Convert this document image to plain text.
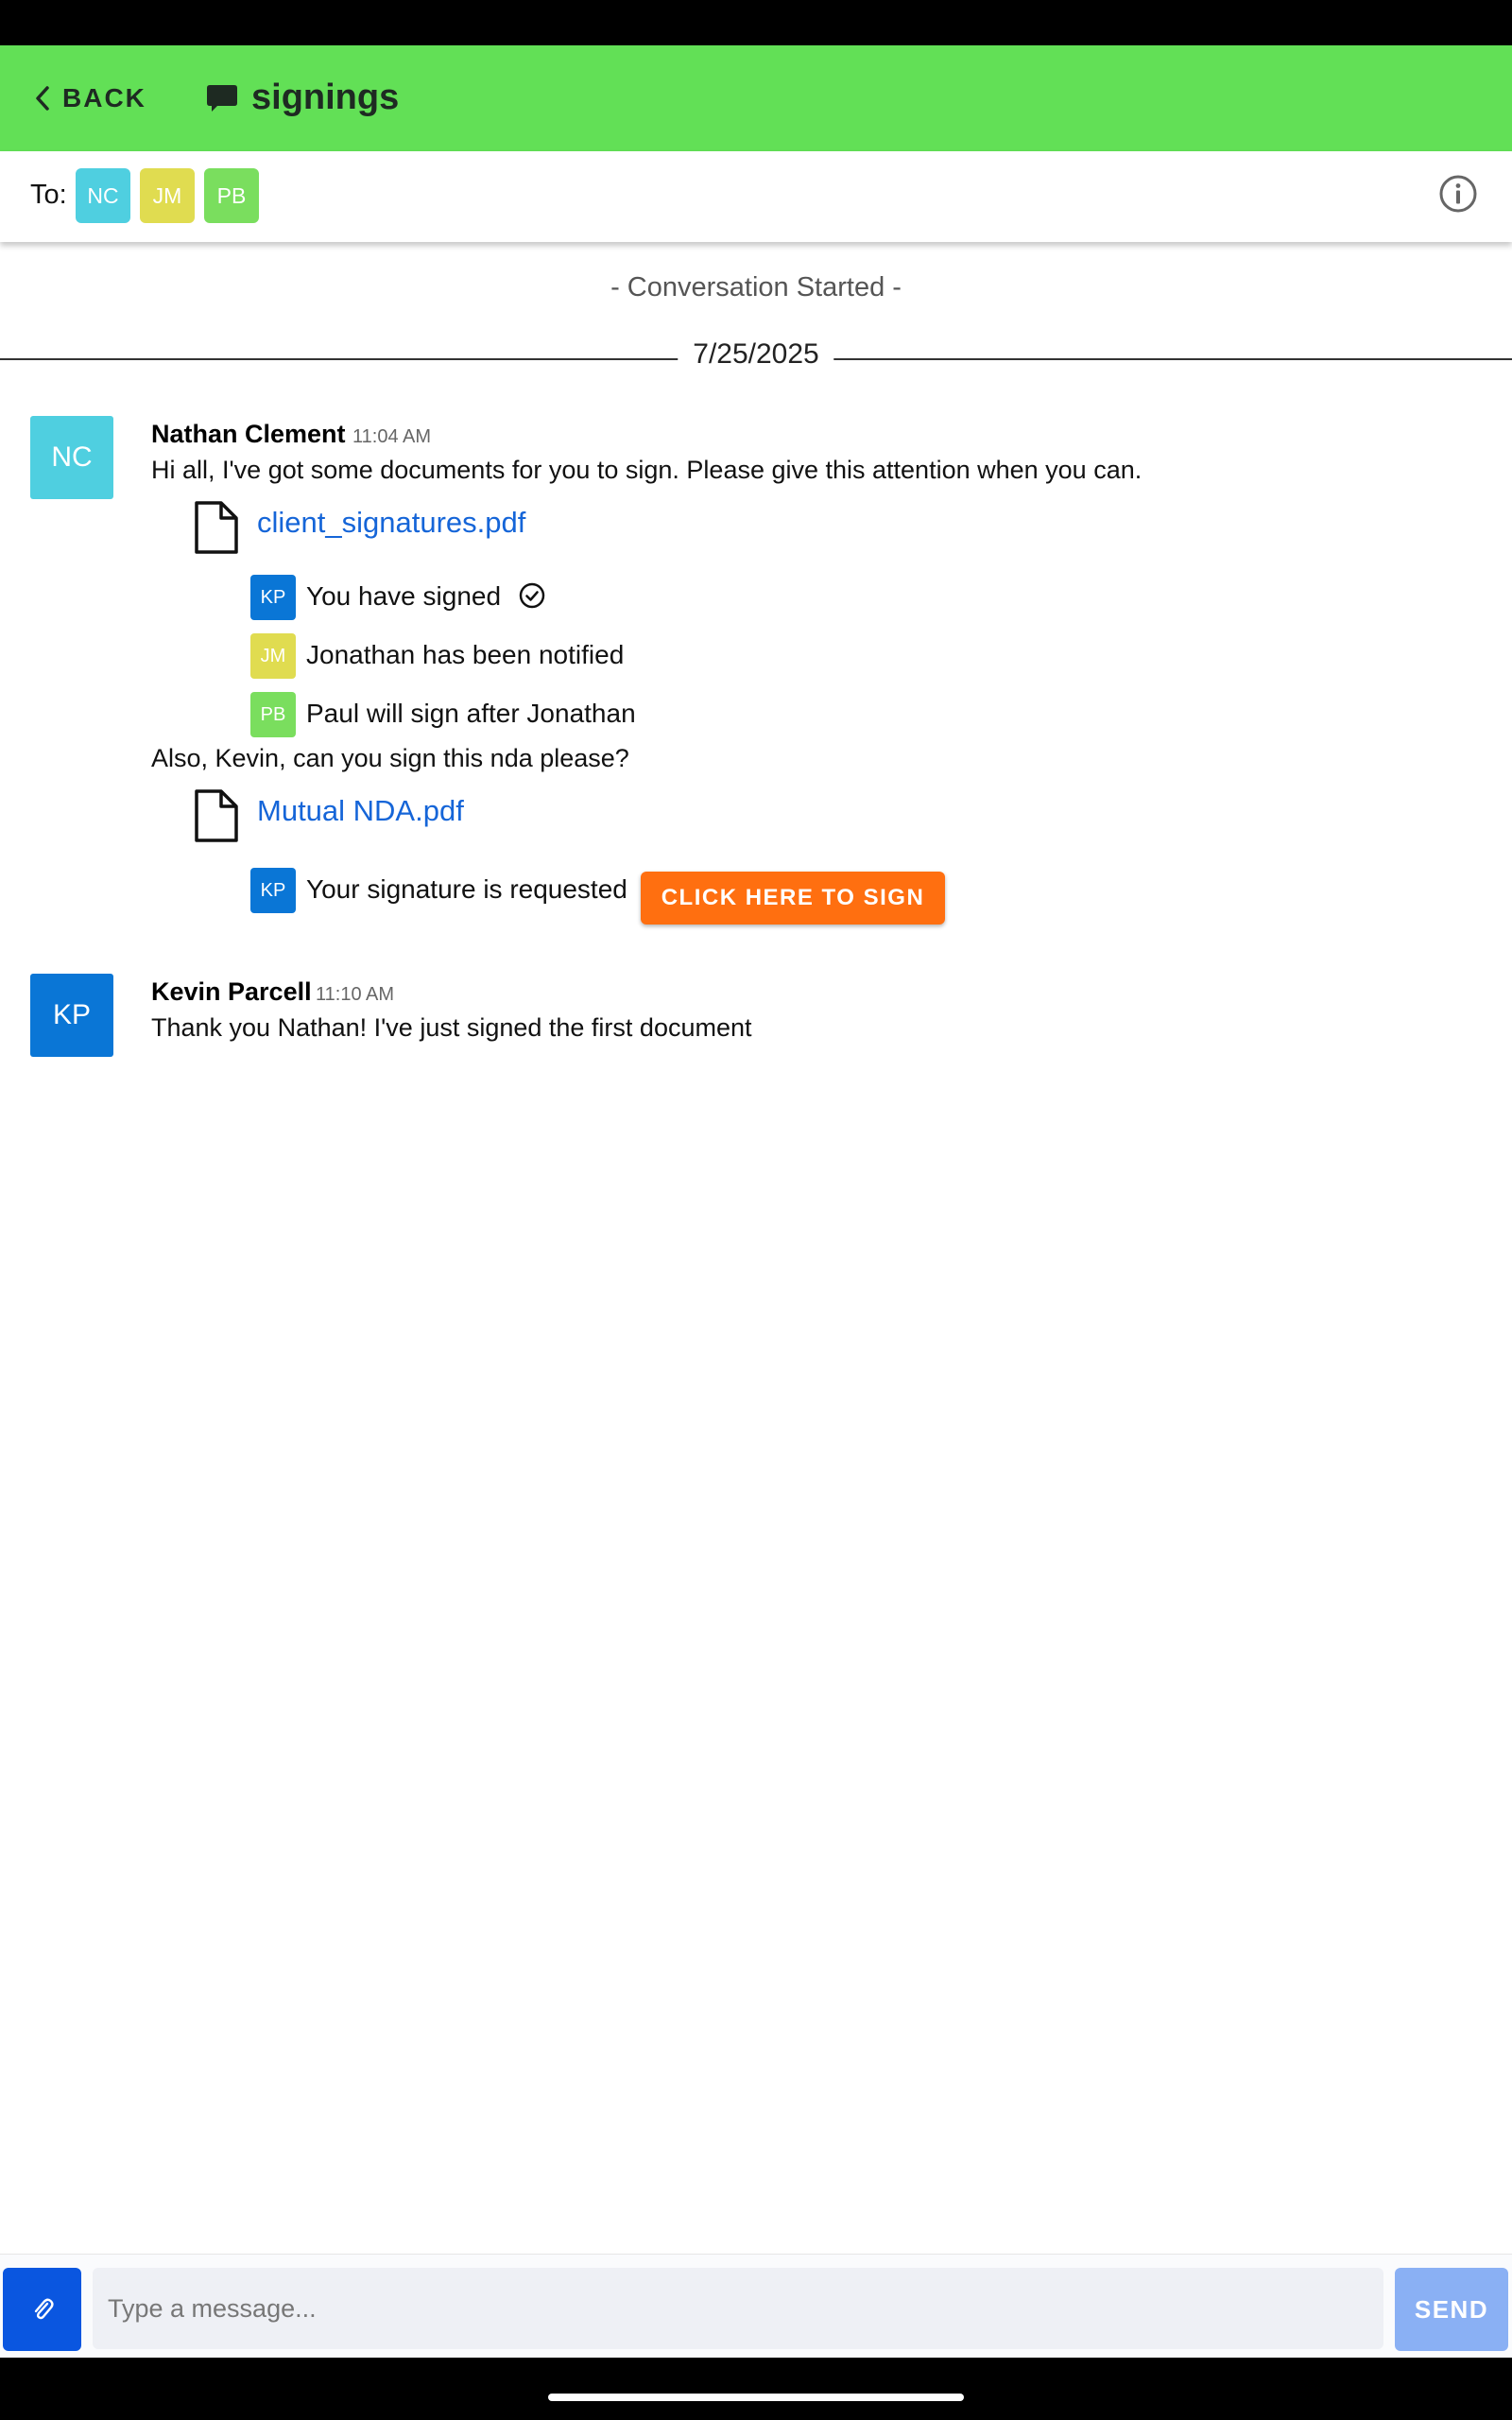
BACK	signings
To: NC	JM	PB
- Conversation Started -
7/25/2025
NC
Nathan Clement 11:04 AM
Hi all, I've got some documents for you to sign. Please give this attention when you can.
client_signatures.pdf
KP You have signed
JM Jonathan has been notified
PB Paul will sign after Jonathan
Also, Kevin, can you sign this nda please?
Mutual NDA.pdf
KP Your signature is requested	CLICK HERE TO SIGN
KP
Kevin Parcell 11:10 AM
Thank you Nathan! I've just signed the first document
Type a message...
SEND
